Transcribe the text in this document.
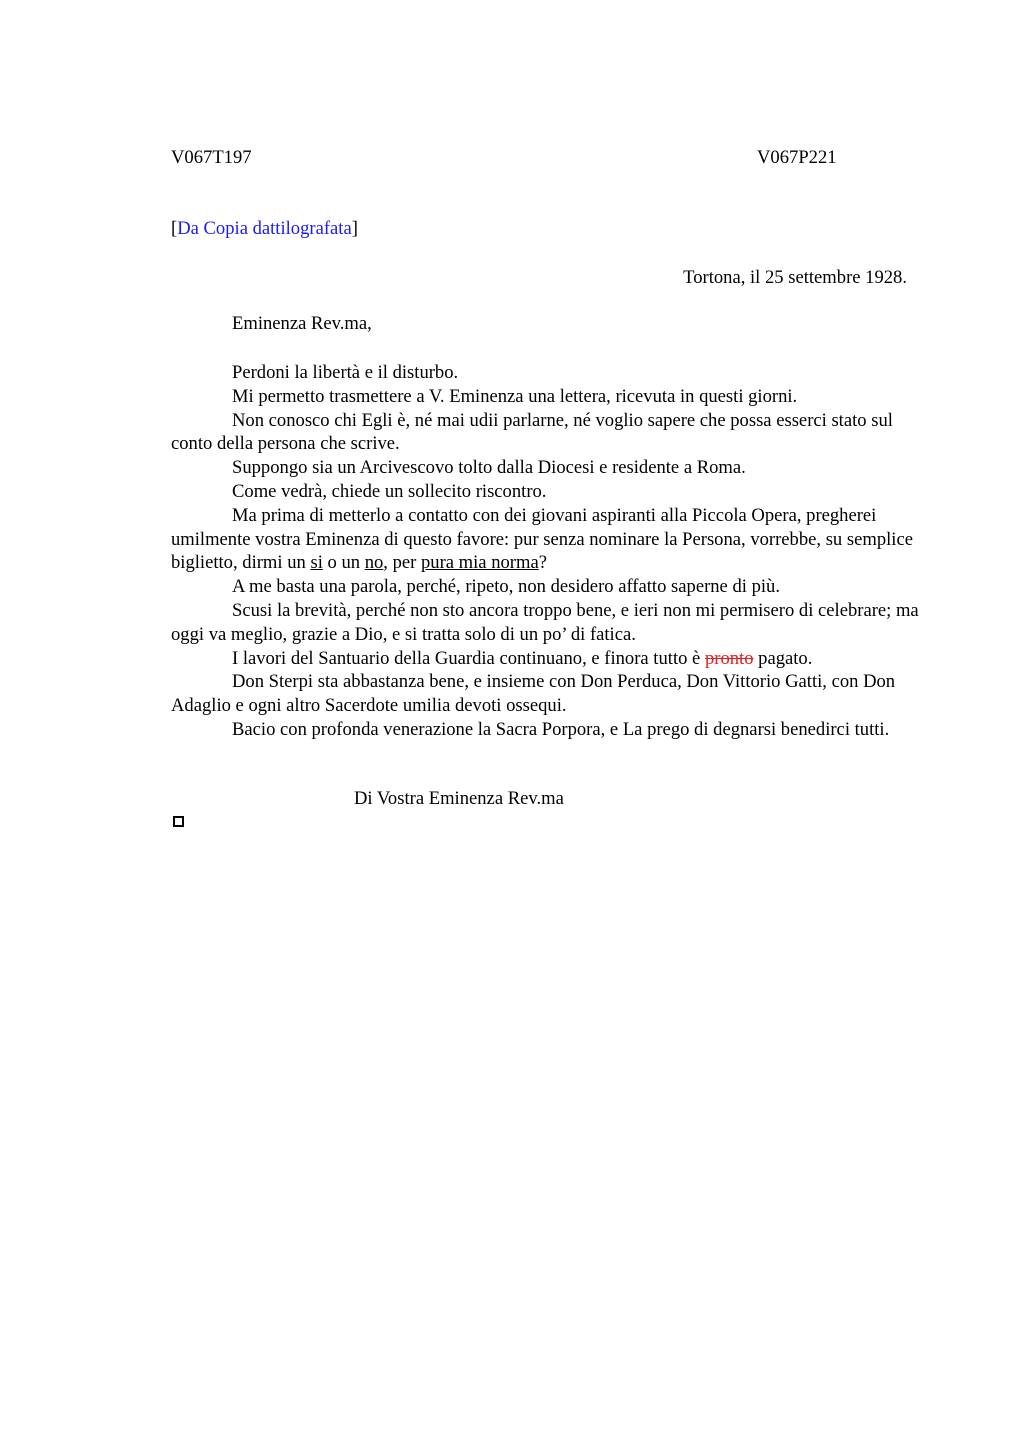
V067T197	V067P221
[Da Copia dattilografata]
Tortona, il 25 settembre 1928.
Eminenza Rev.ma,

Perdoni la libertà e il disturbo.

Mi permetto trasmettere a V. Eminenza una lettera, ricevuta in questi giorni.

Non conosco chi Egli è, né mai udii parlarne, né voglio sapere che possa esserci stato sul conto della persona che scrive.

Suppongo sia un Arcivescovo tolto dalla Diocesi e residente a Roma.

Come vedrà, chiede un sollecito riscontro.

Ma prima di metterlo a contatto con dei giovani aspiranti alla Piccola Opera, pregherei umilmente vostra Eminenza di questo favore: pur senza nominare la Persona, vorrebbe, su semplice biglietto, dirmi un si o un no, per pura mia norma?

A me basta una parola, perché, ripeto, non desidero affatto saperne di più.

Scusi la brevità, perché non sto ancora troppo bene, e ieri non mi permisero di celebrare; ma oggi va meglio, grazie a Dio, e si tratta solo di un po’ di fatica.

I lavori del Santuario della Guardia continuano, e finora tutto è pronto pagato.

Don Sterpi sta abbastanza bene, e insieme con Don Perduca, Don Vittorio Gatti, con Don Adaglio e ogni altro Sacerdote umilia devoti ossequi.

Bacio con profonda venerazione la Sacra Porpora, e La prego di degnarsi benedirci tutti.

Di Vostra Eminenza Rev.ma
